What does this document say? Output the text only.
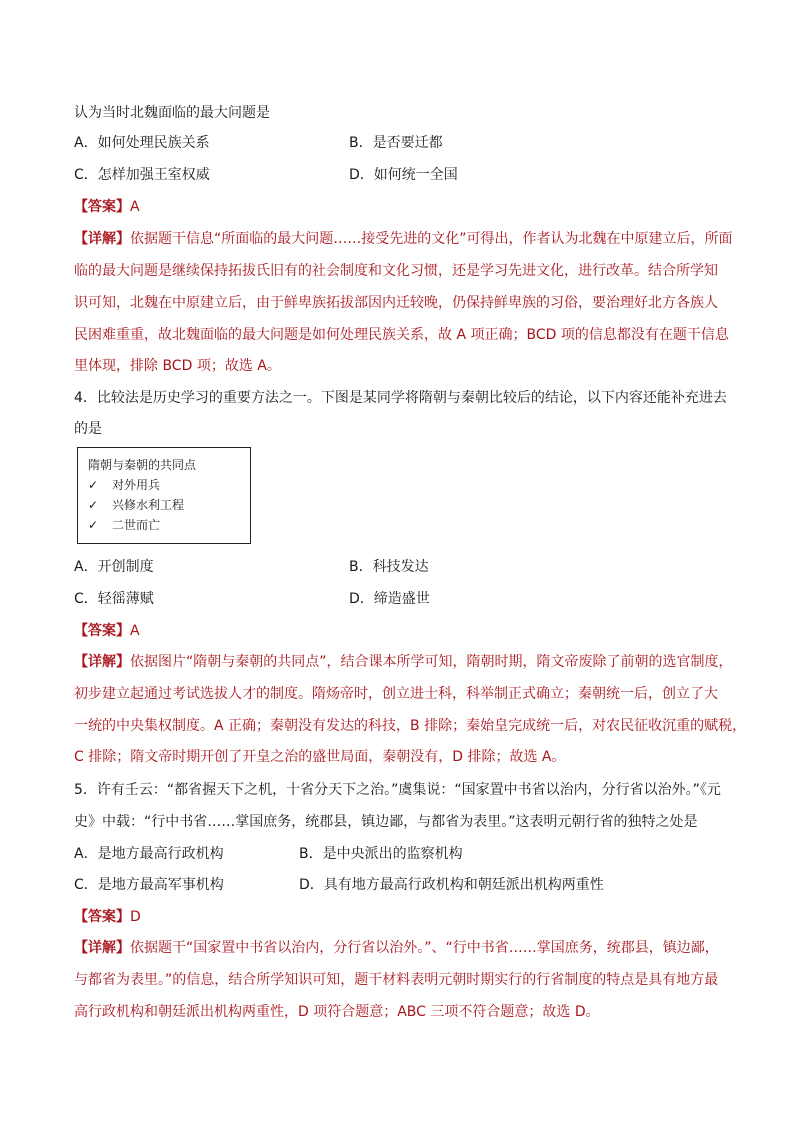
认为当时北魏面临的最大问题是
A．如何处理民族关系	B．是否要迁都
C．怎样加强王室权威	D．如何统一全国
【答案】A
【详解】依据题干信息“所面临的最大问题……接受先进的文化”可得出，作者认为北魏在中原建立后，所面
临的最大问题是继续保持拓拔氏旧有的社会制度和文化习惯，还是学习先进文化，进行改革。结合所学知
识可知，北魏在中原建立后，由于鲜卑族拓拔部因内迁较晚，仍保持鲜卑族的习俗，要治理好北方各族人
民困难重重，故北魏面临的最大问题是如何处理民族关系，故 A 项正确；BCD 项的信息都没有在题干信息
里体现，排除 BCD 项；故选 A。
4．比较法是历史学习的重要方法之一。下图是某同学将隋朝与秦朝比较后的结论，以下内容还能补充进去
的是
隋朝与秦朝的共同点
✓ 对外用兵
✓ 兴修水利工程
✓ 二世而亡
A．开创制度	B．科技发达
C．轻徭薄赋	D．缔造盛世
【答案】A
【详解】依据图片“隋朝与秦朝的共同点”，结合课本所学可知，隋朝时期，隋文帝废除了前朝的选官制度，
初步建立起通过考试选拔人才的制度。隋炀帝时，创立进士科，科举制正式确立；秦朝统一后，创立了大
一统的中央集权制度。A 正确；秦朝没有发达的科技，B 排除；秦始皇完成统一后，对农民征收沉重的赋税，
C 排除；隋文帝时期开创了开皇之治的盛世局面，秦朝没有，D 排除；故选 A。
5．许有壬云：“都省握天下之机，十省分天下之治。”虞集说：“国家置中书省以治内，分行省以治外。”《元
史》中载：“行中书省……掌国庶务，统郡县，镇边鄙，与都省为表里。”这表明元朝行省的独特之处是
A．是地方最高行政机构	B．是中央派出的监察机构
C．是地方最高军事机构	D．具有地方最高行政机构和朝廷派出机构两重性
【答案】D
【详解】依据题干“国家置中书省以治内，分行省以治外。”、“行中书省……掌国庶务，统郡县，镇边鄙，
与都省为表里。”的信息，结合所学知识可知，题干材料表明元朝时期实行的行省制度的特点是具有地方最
高行政机构和朝廷派出机构两重性，D 项符合题意；ABC 三项不符合题意；故选 D。
